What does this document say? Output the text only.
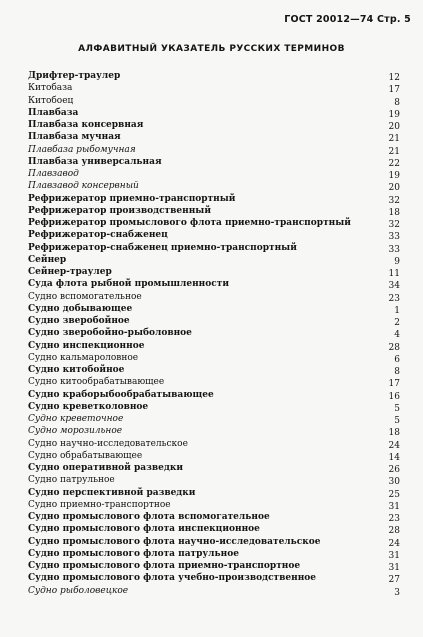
ГОСТ 20012—74 Стр. 5
АЛФАВИТНЫЙ УКАЗАТЕЛЬ РУССКИХ ТЕРМИНОВ
Дрифтер-траулер	12
Китобаза	17
Китобоец	8
Плавбаза	19
Плавбаза консервная	20
Плавбаза мучная	21
Плавбаза рыбомучная	21
Плавбаза универсальная	22
Плавзавод	19
Плавзавод консервный	20
Рефрижератор приемно-транспортный	32
Рефрижератор производственный	18
Рефрижератор промыслового флота приемно-транспортный	32
Рефрижератор-снабженец	33
Рефрижератор-снабженец приемно-транспортный	33
Сейнер	9
Сейнер-траулер	11
Суда флота рыбной промышленности	34
Судно вспомогательное	23
Судно добывающее	1
Судно зверобойное	2
Судно зверобойно-рыболовное	4
Судно инспекционное	28
Судно кальмароловное	6
Судно китобойное	8
Судно китообрабатывающее	17
Судно краборыбообрабатывающее	16
Судно креветколовное	5
Судно креветочное	5
Судно морозильное	18
Судно научно-исследовательское	24
Судно обрабатывающее	14
Судно оперативной разведки	26
Судно патрульное	30
Судно перспективной разведки	25
Судно приемно-транспортное	31
Судно промыслового флота вспомогательное	23
Судно промыслового флота инспекционное	28
Судно промыслового флота научно-исследовательское	24
Судно промыслового флота патрульное	31
Судно промыслового флота приемно-транспортное	31
Судно промыслового флота учебно-производственное	27
Судно рыболовецкое	3
